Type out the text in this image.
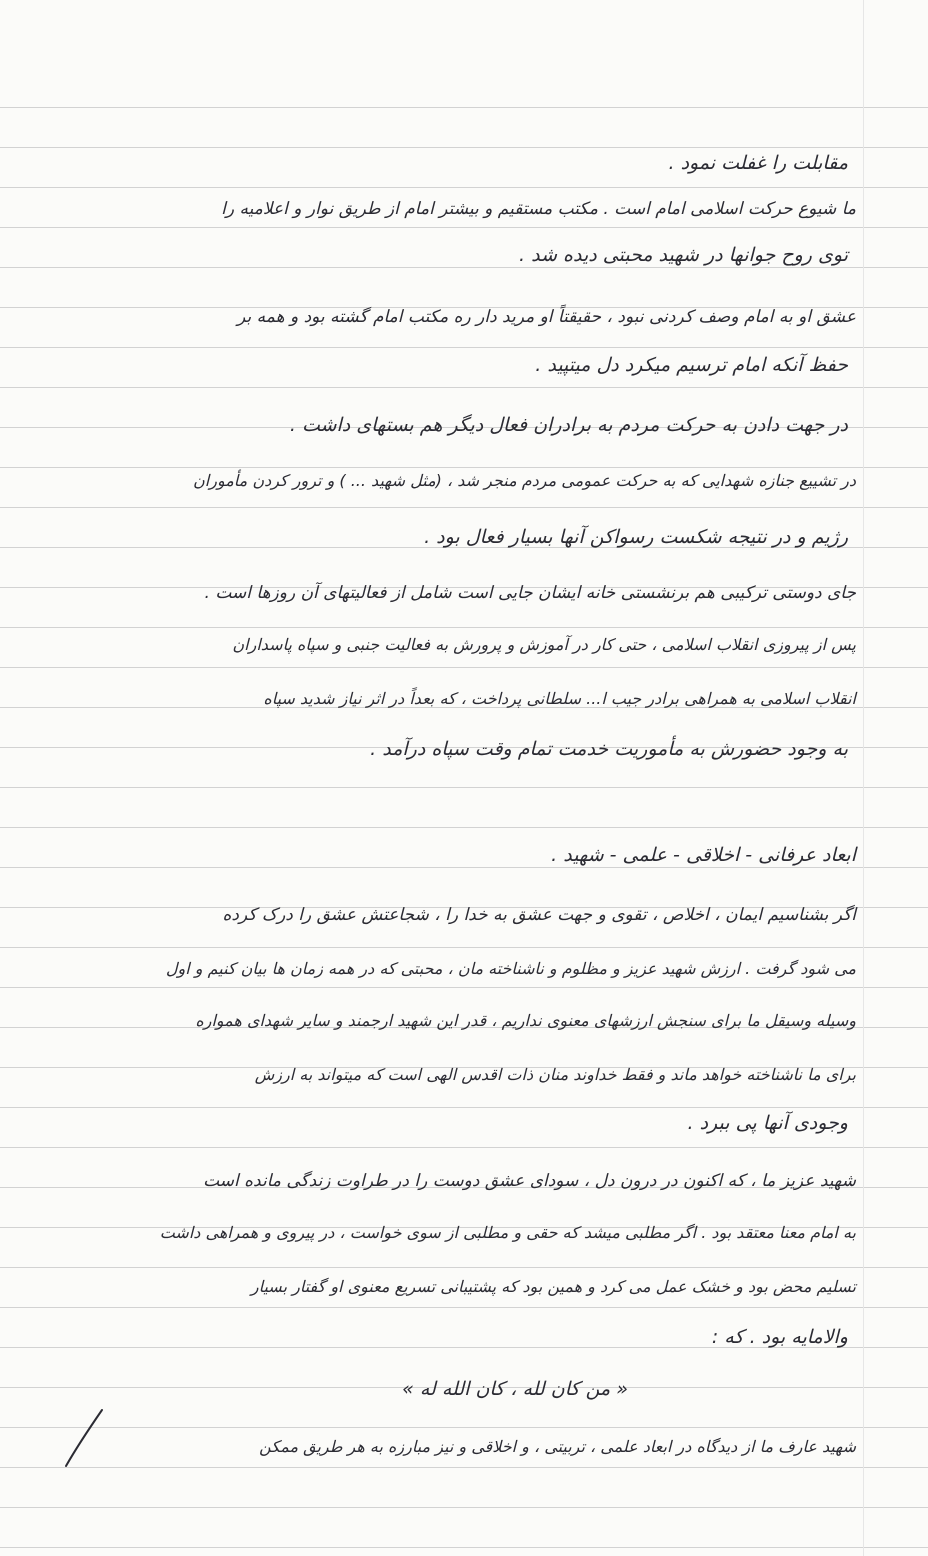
مقابلت را غفلت نمود .
ما شیوع حرکت اسلامی امام است . مکتب مستقیم و بیشتر امام از طریق نوار و اعلامیه را
توی روح جوانها در شهید محبتی دیده شد .
عشق او به امام وصف کردنی نبود ، حقیقتاً او مرید دار ره مکتب امام گشته بود و همه بر
حفظ آنکه امام ترسیم میکرد دل میتپید .
در جهت دادن به حرکت مردم به برادران فعال دیگر هم بستهای داشت .
در تشییع جنازه شهدایی که به حرکت عمومی مردم منجر شد ، (مثل شهید ... ) و ترور کردن مأموران
رژیم و در نتیجه شکست رسواکن آنها بسیار فعال بود .
جای دوستی ترکیبی هم برنشستی خانه ایشان جایی است شامل از فعالیتهای آن روزها است .
پس از پیروزی انقلاب اسلامی ، حتی کار در آموزش و پرورش به فعالیت جنبی و سپاه پاسداران
انقلاب اسلامی به همراهی برادر جیب ا... سلطانی پرداخت ، که بعداً در اثر نیاز شدید سپاه
به وجود حضورش به مأموریت خدمت تمام وقت سپاه درآمد .
ابعاد عرفانی - اخلاقی - علمی - شهید .
اگر بشناسیم ایمان ، اخلاص ، تقوی و جهت عشق به خدا را ، شجاعتش عشق را درک کرده
می شود گرفت . ارزش شهید عزیز و مظلوم و ناشناخته مان ، محبتی که در همه زمان ها بیان کنیم و اول
وسیله وسیقل ما برای سنجش ارزشهای معنوی نداریم ، قدر این شهید ارجمند و سایر شهدای همواره
برای ما ناشناخته خواهد ماند و فقط خداوند منان ذات اقدس الهی است که میتواند به ارزش
وجودی آنها پی ببرد .
شهید عزیز ما ، که اکنون در درون دل ، سودای عشق دوست را در طراوت زندگی مانده است
به امام معنا معتقد بود . اگر مطلبی میشد که حقی و مطلبی از سوی خواست ، در پیروی و همراهی داشت
تسلیم محض بود و خشک عمل می کرد و همین بود که پشتیبانی تسریع معنوی او گفتار بسیار
والامایه بود . که :
« من کان لله ، کان الله له »
شهید عارف ما از دیدگاه در ابعاد علمی ، تربیتی ، و اخلاقی و نیز مبارزه به هر طریق ممکن
